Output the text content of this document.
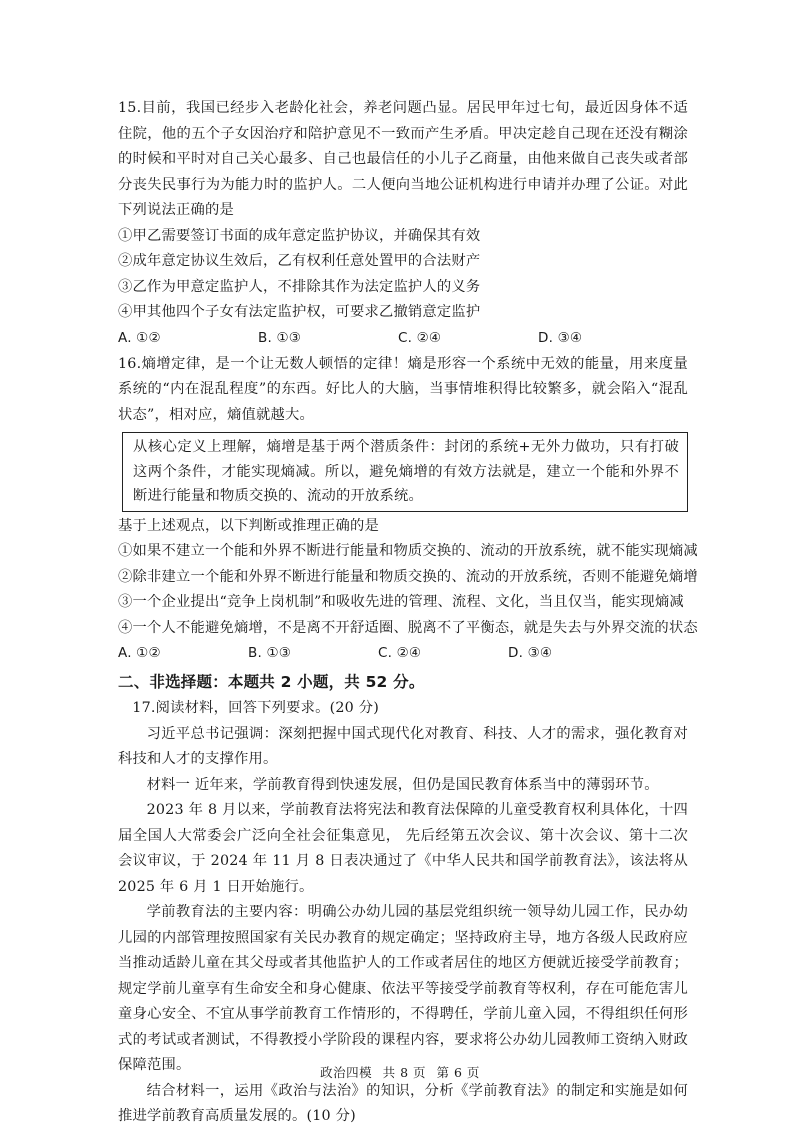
15.目前，我国已经步入老龄化社会，养老问题凸显。居民甲年过七旬，最近因身体不适住院，他的五个子女因治疗和陪护意见不一致而产生矛盾。甲决定趁自己现在还没有糊涂的时候和平时对自己关心最多、自己也最信任的小儿子乙商量，由他来做自己丧失或者部分丧失民事行为为能力时的监护人。二人便向当地公证机构进行申请并办理了公证。对此下列说法正确的是

①甲乙需要签订书面的成年意定监护协议，并确保其有效

②成年意定协议生效后，乙有权利任意处置甲的合法财产

③乙作为甲意定监护人，不排除其作为法定监护人的义务

④甲其他四个子女有法定监护权，可要求乙撤销意定监护

A. ①②	B. ①③	C. ②④	D. ③④

16.熵增定律，是一个让无数人顿悟的定律！熵是形容一个系统中无效的能量，用来度量系统的“内在混乱程度”的东西。好比人的大脑，当事情堆积得比较繁多，就会陷入“混乱状态”，相对应，熵值就越大。

从核心定义上理解，熵增是基于两个潜质条件：封闭的系统+无外力做功，只有打破这两个条件，才能实现熵减。所以，避免熵增的有效方法就是，建立一个能和外界不断进行能量和物质交换的、流动的开放系统。

基于上述观点，以下判断或推理正确的是

①如果不建立一个能和外界不断进行能量和物质交换的、流动的开放系统，就不能实现熵减

②除非建立一个能和外界不断进行能量和物质交换的、流动的开放系统，否则不能避免熵增

③一个企业提出“竞争上岗机制”和吸收先进的管理、流程、文化，当且仅当，能实现熵减

④一个人不能避免熵增，不是离不开舒适圈、脱离不了平衡态，就是失去与外界交流的状态

A. ①②	B. ①③	C. ②④	D. ③④

二、非选择题：本题共 2 小题，共 52 分。

17.阅读材料，回答下列要求。(20 分)

习近平总书记强调：深刻把握中国式现代化对教育、科技、人才的需求，强化教育对科技和人才的支撑作用。

材料一 近年来，学前教育得到快速发展，但仍是国民教育体系当中的薄弱环节。

2023 年 8 月以来，学前教育法将宪法和教育法保障的儿童受教育权利具体化，十四届全国人大常委会广泛向全社会征集意见， 先后经第五次会议、第十次会议、第十二次会议审议，于 2024 年 11 月 8 日表决通过了《中华人民共和国学前教育法》，该法将从 2025 年 6 月 1 日开始施行。

学前教育法的主要内容：明确公办幼儿园的基层党组织统一领导幼儿园工作，民办幼儿园的内部管理按照国家有关民办教育的规定确定；坚持政府主导，地方各级人民政府应当推动适龄儿童在其父母或者其他监护人的工作或者居住的地区方便就近接受学前教育；规定学前儿童享有生命安全和身心健康、依法平等接受学前教育等权利，存在可能危害儿童身心安全、不宜从事学前教育工作情形的，不得聘任，学前儿童入园，不得组织任何形式的考试或者测试，不得教授小学阶段的课程内容，要求将公办幼儿园教师工资纳入财政保障范围。

结合材料一，运用《政治与法治》的知识，分析《学前教育法》的制定和实施是如何推进学前教育高质量发展的。(10 分)

政治四模 共 8 页 第 6 页
